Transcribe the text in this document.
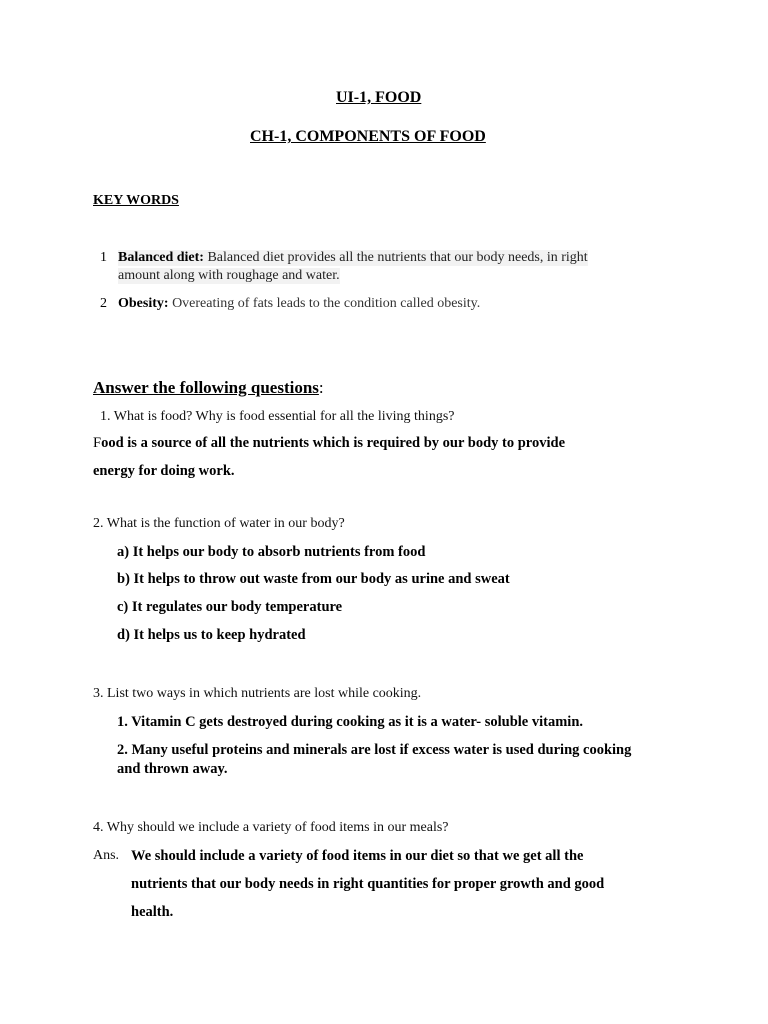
UI-1, FOOD
CH-1, COMPONENTS OF FOOD
KEY WORDS
1 Balanced diet: Balanced diet provides all the nutrients that our body needs, in right
amount along with roughage and water.
2 Obesity: Overeating of fats leads to the condition called obesity.
Answer the following questions:
1. What is food? Why is food essential for all the living things?
Food is a source of all the nutrients which is required by our body to provide
energy for doing work.
2. What is the function of water in our body?
a) It helps our body to absorb nutrients from food
b) It helps to throw out waste from our body as urine and sweat
c) It regulates our body temperature
d) It helps us to keep hydrated
3. List two ways in which nutrients are lost while cooking.
1. Vitamin C gets destroyed during cooking as it is a water- soluble vitamin.
2. Many useful proteins and minerals are lost if excess water is used during cooking
and thrown away.
4. Why should we include a variety of food items in our meals?
Ans. We should include a variety of food items in our diet so that we get all the
nutrients that our body needs in right quantities for proper growth and good
health.
